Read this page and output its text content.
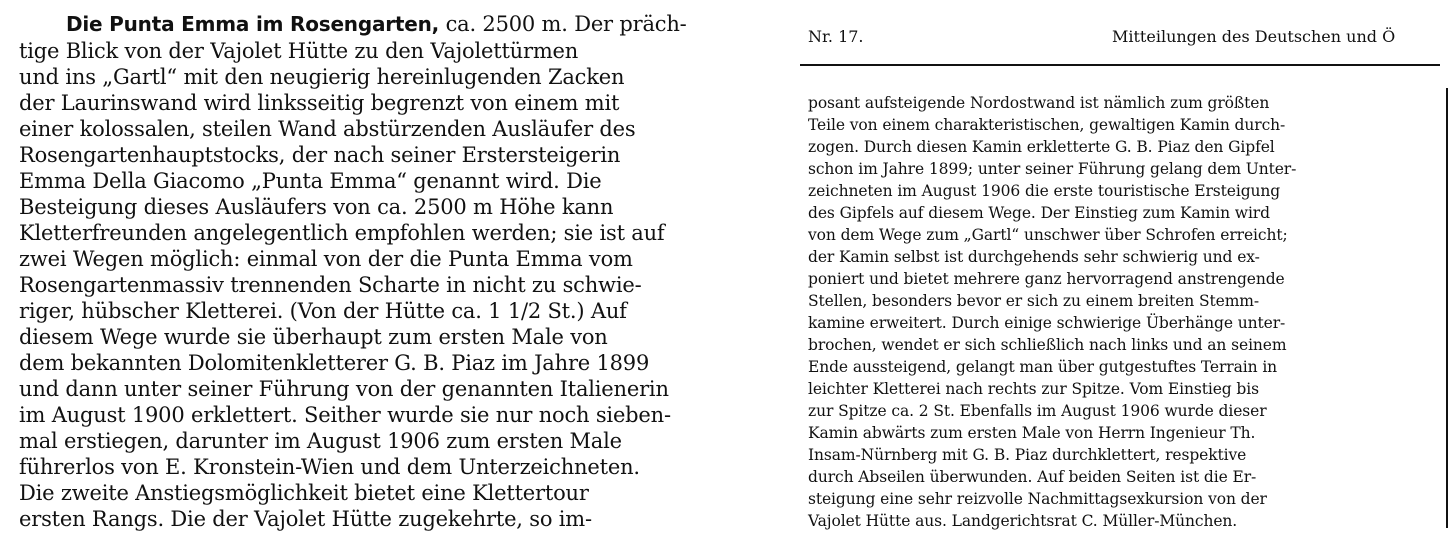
Die Punta Emma im Rosengarten, ca. 2500 m. Der präch-
tige Blick von der Vajolet Hütte zu den Vajolettürmen
und ins „Gartl“ mit den neugierig hereinlugenden Zacken
der Laurinswand wird linksseitig begrenzt von einem mit
einer kolossalen, steilen Wand abstürzenden Ausläufer des
Rosengartenhauptstocks, der nach seiner Erstersteigerin
Emma Della Giacomo „Punta Emma“ genannt wird. Die
Besteigung dieses Ausläufers von ca. 2500 m Höhe kann
Kletterfreunden angelegentlich empfohlen werden; sie ist auf
zwei Wegen möglich: einmal von der die Punta Emma vom
Rosengartenmassiv trennenden Scharte in nicht zu schwie-
riger, hübscher Kletterei. (Von der Hütte ca. 1 1/2 St.) Auf
diesem Wege wurde sie überhaupt zum ersten Male von
dem bekannten Dolomitenkletterer G. B. Piaz im Jahre 1899
und dann unter seiner Führung von der genannten Italienerin
im August 1900 erklettert. Seither wurde sie nur noch sieben-
mal erstiegen, darunter im August 1906 zum ersten Male
führerlos von E. Kronstein-Wien und dem Unterzeichneten.
Die zweite Anstiegsmöglichkeit bietet eine Klettertour
ersten Rangs. Die der Vajolet Hütte zugekehrte, so im-
Nr. 17.	Mitteilungen des Deutschen und Ö
posant aufsteigende Nordostwand ist nämlich zum größten
Teile von einem charakteristischen, gewaltigen Kamin durch-
zogen. Durch diesen Kamin erkletterte G. B. Piaz den Gipfel
schon im Jahre 1899; unter seiner Führung gelang dem Unter-
zeichneten im August 1906 die erste touristische Ersteigung
des Gipfels auf diesem Wege. Der Einstieg zum Kamin wird
von dem Wege zum „Gartl“ unschwer über Schrofen erreicht;
der Kamin selbst ist durchgehends sehr schwierig und ex-
poniert und bietet mehrere ganz hervorragend anstrengende
Stellen, besonders bevor er sich zu einem breiten Stemm-
kamine erweitert. Durch einige schwierige Überhänge unter-
brochen, wendet er sich schließlich nach links und an seinem
Ende aussteigend, gelangt man über gutgestuftes Terrain in
leichter Kletterei nach rechts zur Spitze. Vom Einstieg bis
zur Spitze ca. 2 St. Ebenfalls im August 1906 wurde dieser
Kamin abwärts zum ersten Male von Herrn Ingenieur Th.
Insam-Nürnberg mit G. B. Piaz durchklettert, respektive
durch Abseilen überwunden. Auf beiden Seiten ist die Er-
steigung eine sehr reizvolle Nachmittagsexkursion von der
Vajolet Hütte aus. Landgerichtsrat C. Müller-München.
